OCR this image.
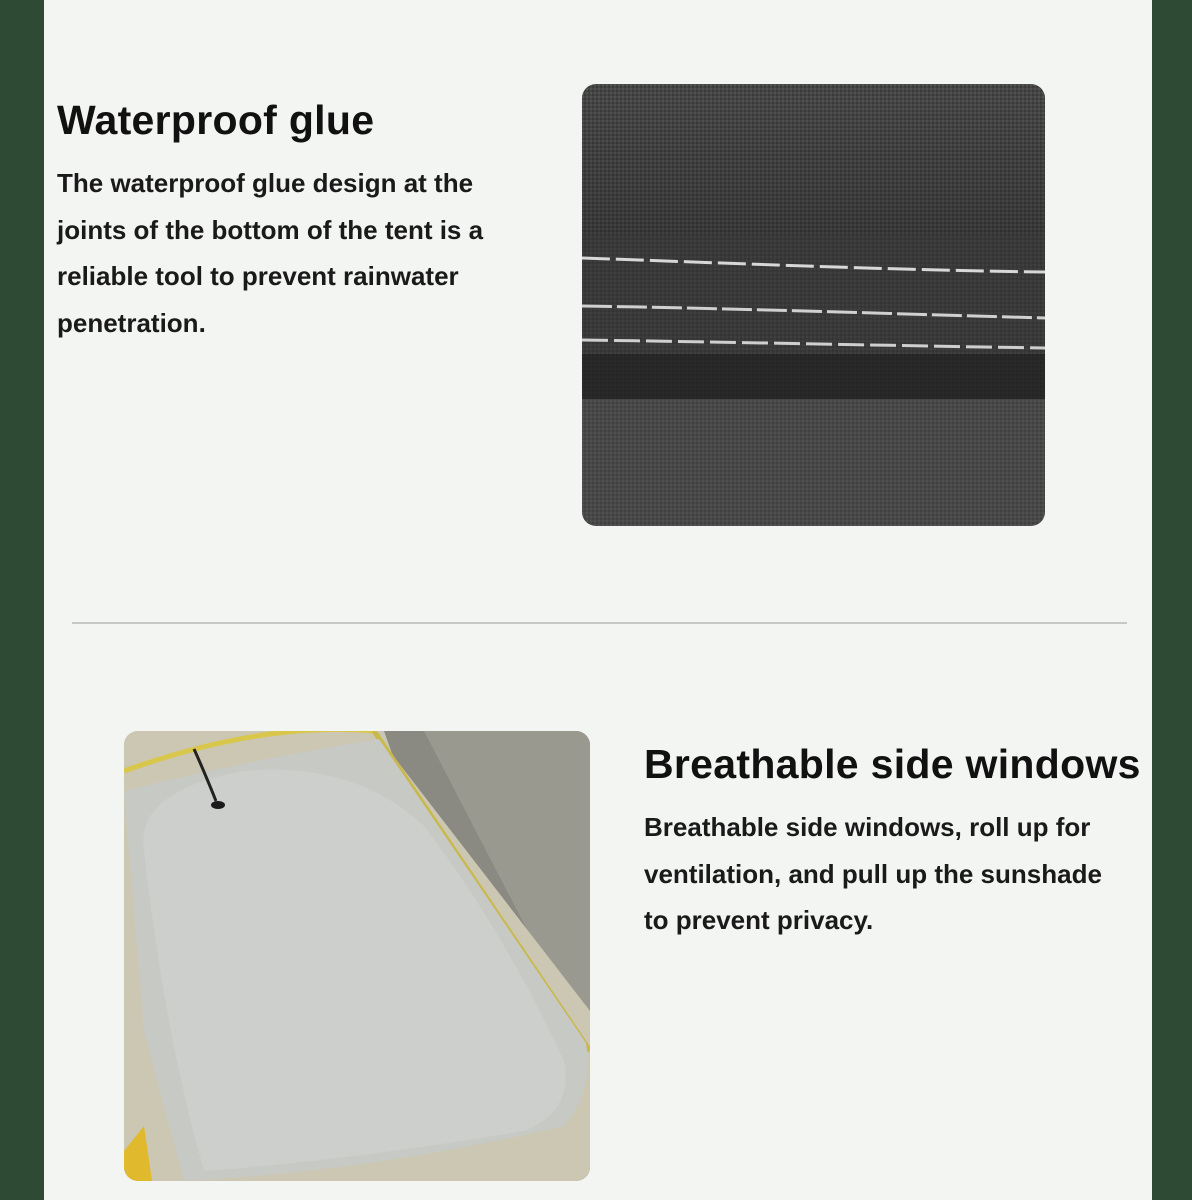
Waterproof glue

The waterproof glue design at the
joints of the bottom of the tent is a
reliable tool to prevent rainwater
penetration.

Breathable side windows

Breathable side windows, roll up for
ventilation, and pull up the sunshade
to prevent privacy.
